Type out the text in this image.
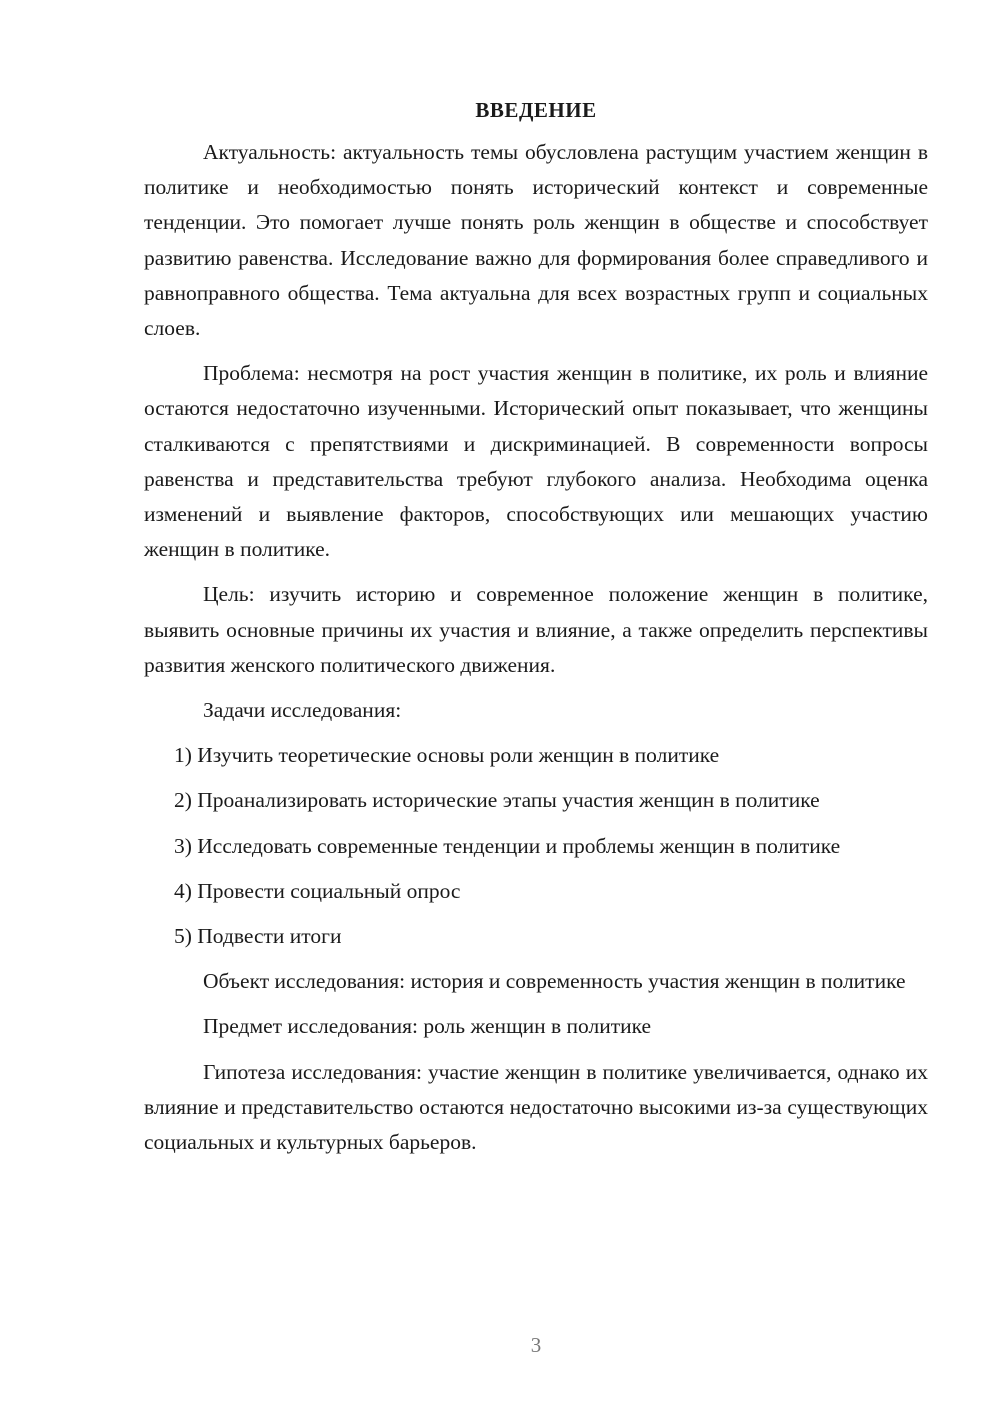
ВВЕДЕНИЕ

Актуальность: актуальность темы обусловлена растущим участием женщин в политике и необходимостью понять исторический контекст и современные тенденции. Это помогает лучше понять роль женщин в обществе и способствует развитию равенства. Исследование важно для формирования более справедливого и равноправного общества. Тема актуальна для всех возрастных групп и социальных слоев.

Проблема: несмотря на рост участия женщин в политике, их роль и влияние остаются недостаточно изученными. Исторический опыт показывает, что женщины сталкиваются с препятствиями и дискриминацией. В современности вопросы равенства и представительства требуют глубокого анализа. Необходима оценка изменений и выявление факторов, способствующих или мешающих участию женщин в политике.

Цель: изучить историю и современное положение женщин в политике, выявить основные причины их участия и влияние, а также определить перспективы развития женского политического движения.

Задачи исследования:

1) Изучить теоретические основы роли женщин в политике

2) Проанализировать исторические этапы участия женщин в политике

3) Исследовать современные тенденции и проблемы женщин в политике

4) Провести социальный опрос

5) Подвести итоги

Объект исследования: история и современность участия женщин в политике

Предмет исследования: роль женщин в политике

Гипотеза исследования: участие женщин в политике увеличивается, однако их влияние и представительство остаются недостаточно высокими из-за существующих социальных и культурных барьеров.

3
